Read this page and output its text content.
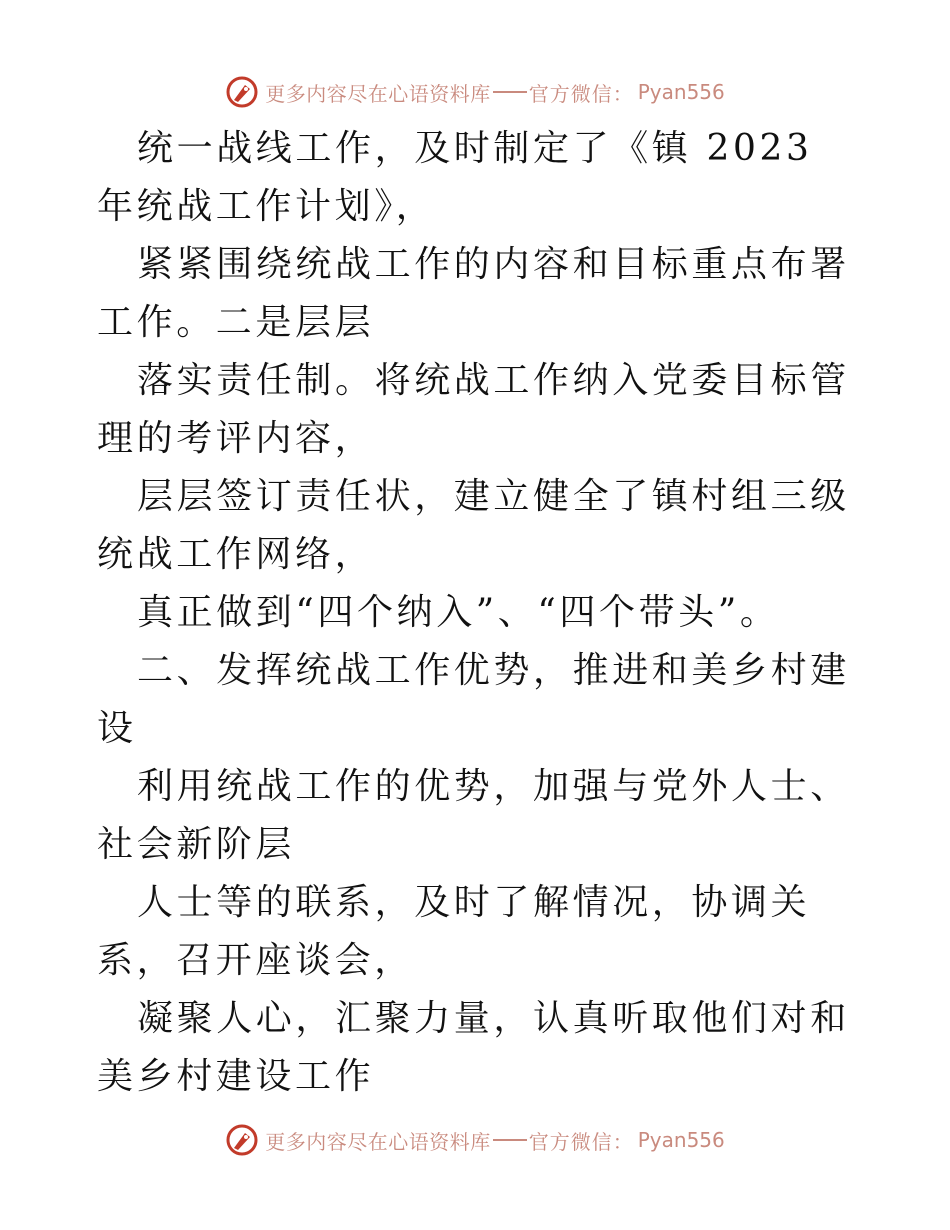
更多内容尽在心语资料库 官方微信： Pyan556

统一战线工作，及时制定了《镇 2023 年统战工作计划》，

紧紧围绕统战工作的内容和目标重点布署工作。二是层层

落实责任制。将统战工作纳入党委目标管理的考评内容，

层层签订责任状，建立健全了镇村组三级统战工作网络，

真正做到“四个纳入”、“四个带头”。

二、发挥统战工作优势，推进和美乡村建设

利用统战工作的优势，加强与党外人士、社会新阶层

人士等的联系，及时了解情况，协调关系，召开座谈会，

凝聚人心，汇聚力量，认真听取他们对和美乡村建设工作

更多内容尽在心语资料库 官方微信： Pyan556
